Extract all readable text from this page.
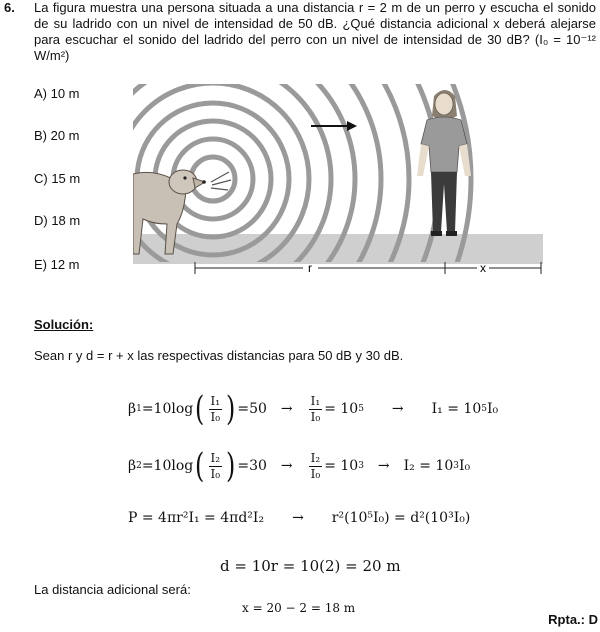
6. La figura muestra una persona situada a una distancia r = 2 m de un perro y escucha el sonido de su ladrido con un nivel de intensidad de 50 dB. ¿Qué distancia adicional x deberá alejarse para escuchar el sonido del ladrido del perro con un nivel de intensidad de 30 dB? (I₀ = 10⁻¹² W/m²)
A) 10 m
B) 20 m
C) 15 m
D) 18 m
E) 12 m	r	x
Solución:
Sean r y d = r + x las respectivas distancias para 50 dB y 30 dB.
β 1 =10log ( $\frac{\text{I₁}}{\text{I₀}}$ ) $=50 \to \frac{\text{I₁}}{\text{I₀}} = 10$ 5 → I₁ = 10 5 I₀
β 2 =10log ( $\frac{\text{I₂}}{\text{I₀}}$ ) $=30 \to \frac{\text{I₂}}{\text{I₀}} = 10$ 3 → I₂ = 10 3 I₀
P = 4πr²I₁ = 4πd²I₂ → r²(10⁵I₀) = d²(10³I₀)
d = 10r = 10(2) = 20 m
La distancia adicional será:
x = 20 − 2 = 18 m
Rpta.: D
